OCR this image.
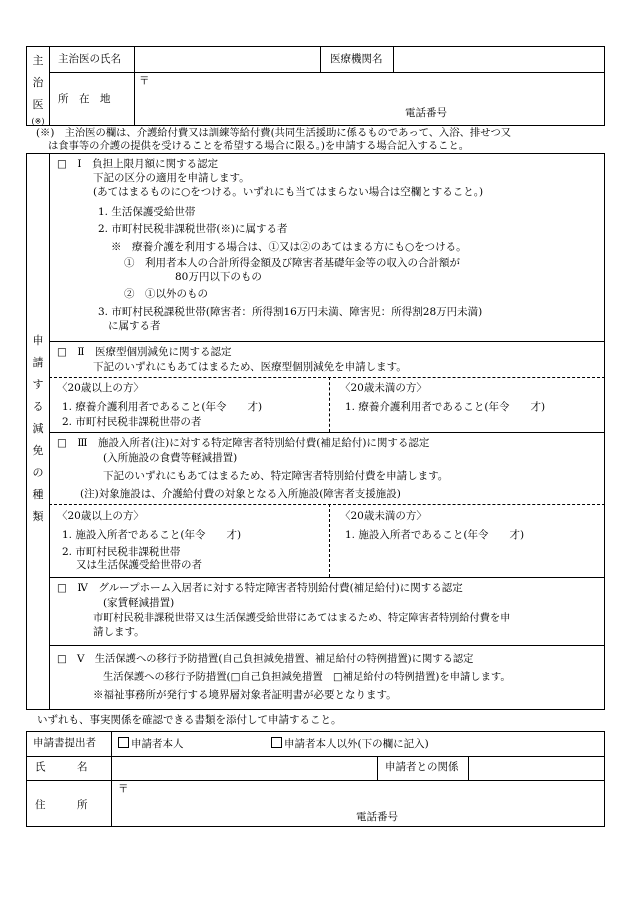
主
治
医
(※)
主治医の氏名	医療機関名
所　在　地
〒
電話番号
(※)　主治医の欄は、介護給付費又は訓練等給付費(共同生活援助に係るものであって、入浴、排せつ又
は食事等の介護の提供を受けることを希望する場合に限る。)を申請する場合記入すること。
申
請
す
る
減
免
の
種
類
□　Ⅰ　負担上限月額に関する認定
下記の区分の適用を申請します。
(あてはまるものに○をつける。いずれにも当てはまらない場合は空欄とすること。)
1. 生活保護受給世帯
2. 市町村民税非課税世帯(※)に属する者
※　療養介護を利用する場合は、①又は②のあてはまる方にも○をつける。
①　利用者本人の合計所得金額及び障害者基礎年金等の収入の合計額が
80万円以下のもの
②　①以外のもの
3. 市町村民税課税世帯(障害者：所得割16万円未満、障害児：所得割28万円未満)
に属する者
□　Ⅱ　医療型個別減免に関する認定
下記のいずれにもあてはまるため、医療型個別減免を申請します。
〈20歳以上の方〉
1. 療養介護利用者であること(年令　　才)
2. 市町村民税非課税世帯の者
〈20歳未満の方〉
1. 療養介護利用者であること(年令　　才)
□　Ⅲ　施設入所者(注)に対する特定障害者特別給付費(補足給付)に関する認定
(入所施設の食費等軽減措置)
下記のいずれにもあてはまるため、特定障害者特別給付費を申請します。
(注)対象施設は、介護給付費の対象となる入所施設(障害者支援施設)
〈20歳以上の方〉
1. 施設入所者であること(年令　　才)
2. 市町村民税非課税世帯
又は生活保護受給世帯の者
〈20歳未満の方〉
1. 施設入所者であること(年令　　才)
□　Ⅳ　グループホーム入居者に対する特定障害者特別給付費(補足給付)に関する認定
(家賃軽減措置)
市町村民税非課税世帯又は生活保護受給世帯にあてはまるため、特定障害者特別給付費を申
請します。
□　Ⅴ　生活保護への移行予防措置(自己負担減免措置、補足給付の特例措置)に関する認定
生活保護への移行予防措置(□自己負担減免措置　□補足給付の特例措置)を申請します。
※福祉事務所が発行する境界層対象者証明書が必要となります。
いずれも、事実関係を確認できる書類を添付して申請すること。
申請書提出者	申請者本人	申請者本人以外(下の欄に記入)
氏　　　名	申請者との関係
住　　　所
〒
電話番号
